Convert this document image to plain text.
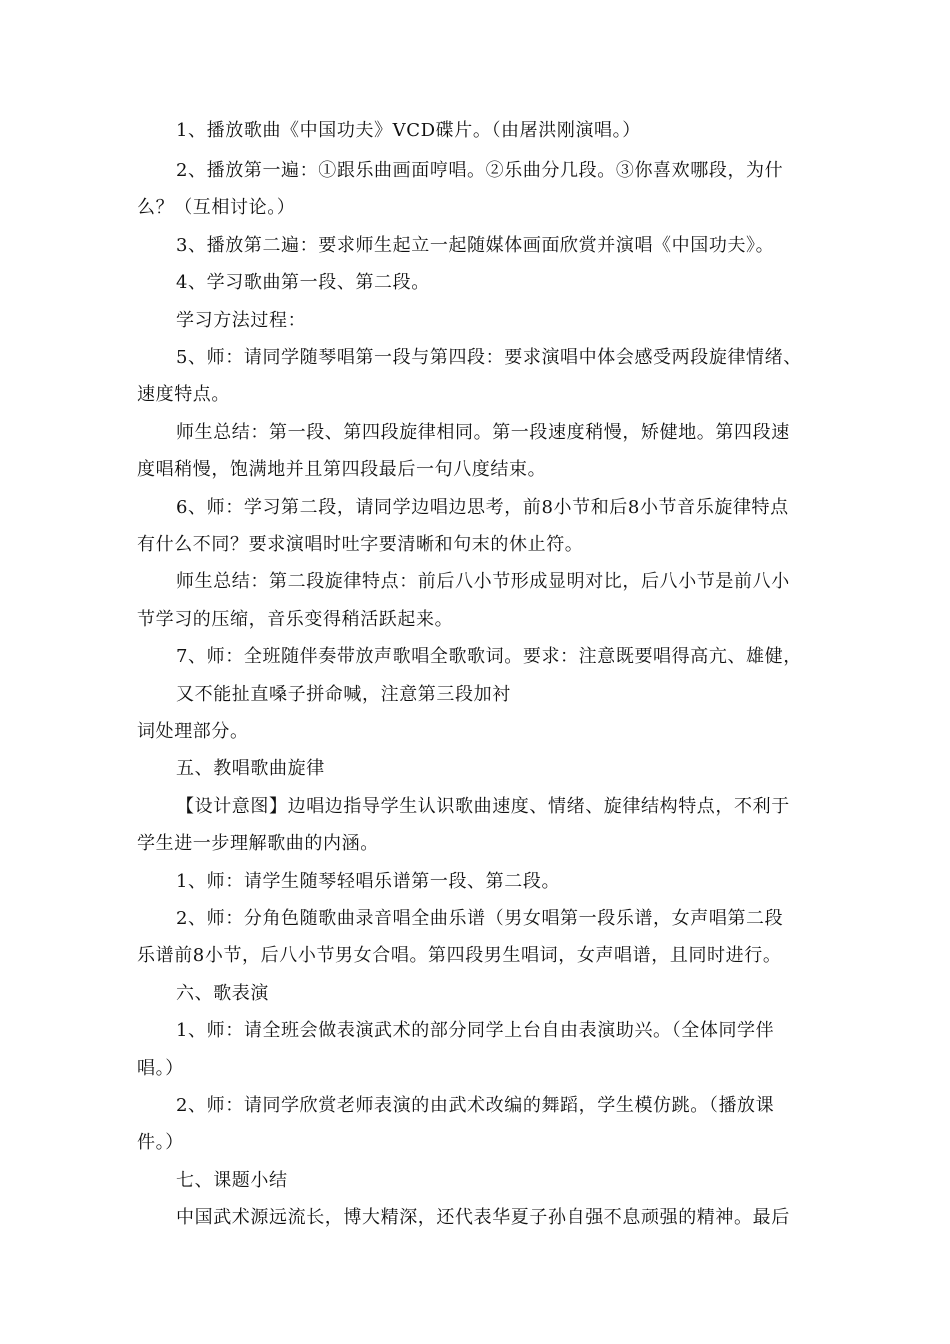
1、播放歌曲《中国功夫》VCD碟片。（由屠洪刚演唱。）
2、播放第一遍：①跟乐曲画面哼唱。②乐曲分几段。③你喜欢哪段，为什
么？（互相讨论。）
3、播放第二遍：要求师生起立一起随媒体画面欣赏并演唱《中国功夫》。
4、学习歌曲第一段、第二段。
学习方法过程：
5、师：请同学随琴唱第一段与第四段：要求演唱中体会感受两段旋律情绪、
速度特点。
师生总结：第一段、第四段旋律相同。第一段速度稍慢，矫健地。第四段速
度唱稍慢，饱满地并且第四段最后一句八度结束。
6、师：学习第二段，请同学边唱边思考，前8小节和后8小节音乐旋律特点
有什么不同？要求演唱时吐字要清晰和句末的休止符。
师生总结：第二段旋律特点：前后八小节形成显明对比，后八小节是前八小
节学习的压缩，音乐变得稍活跃起来。
7、师：全班随伴奏带放声歌唱全歌歌词。要求：注意既要唱得高亢、雄健，
又不能扯直嗓子拼命喊，注意第三段加衬
词处理部分。
五、教唱歌曲旋律
【设计意图】边唱边指导学生认识歌曲速度、情绪、旋律结构特点，不利于
学生进一步理解歌曲的内涵。
1、师：请学生随琴轻唱乐谱第一段、第二段。
2、师：分角色随歌曲录音唱全曲乐谱（男女唱第一段乐谱，女声唱第二段
乐谱前8小节，后八小节男女合唱。第四段男生唱词，女声唱谱，且同时进行。
六、歌表演
1、师：请全班会做表演武术的部分同学上台自由表演助兴。（全体同学伴
唱。）
2、师：请同学欣赏老师表演的由武术改编的舞蹈，学生模仿跳。（播放课
件。）
七、课题小结
中国武术源远流长，博大精深，还代表华夏子孙自强不息顽强的精神。最后
